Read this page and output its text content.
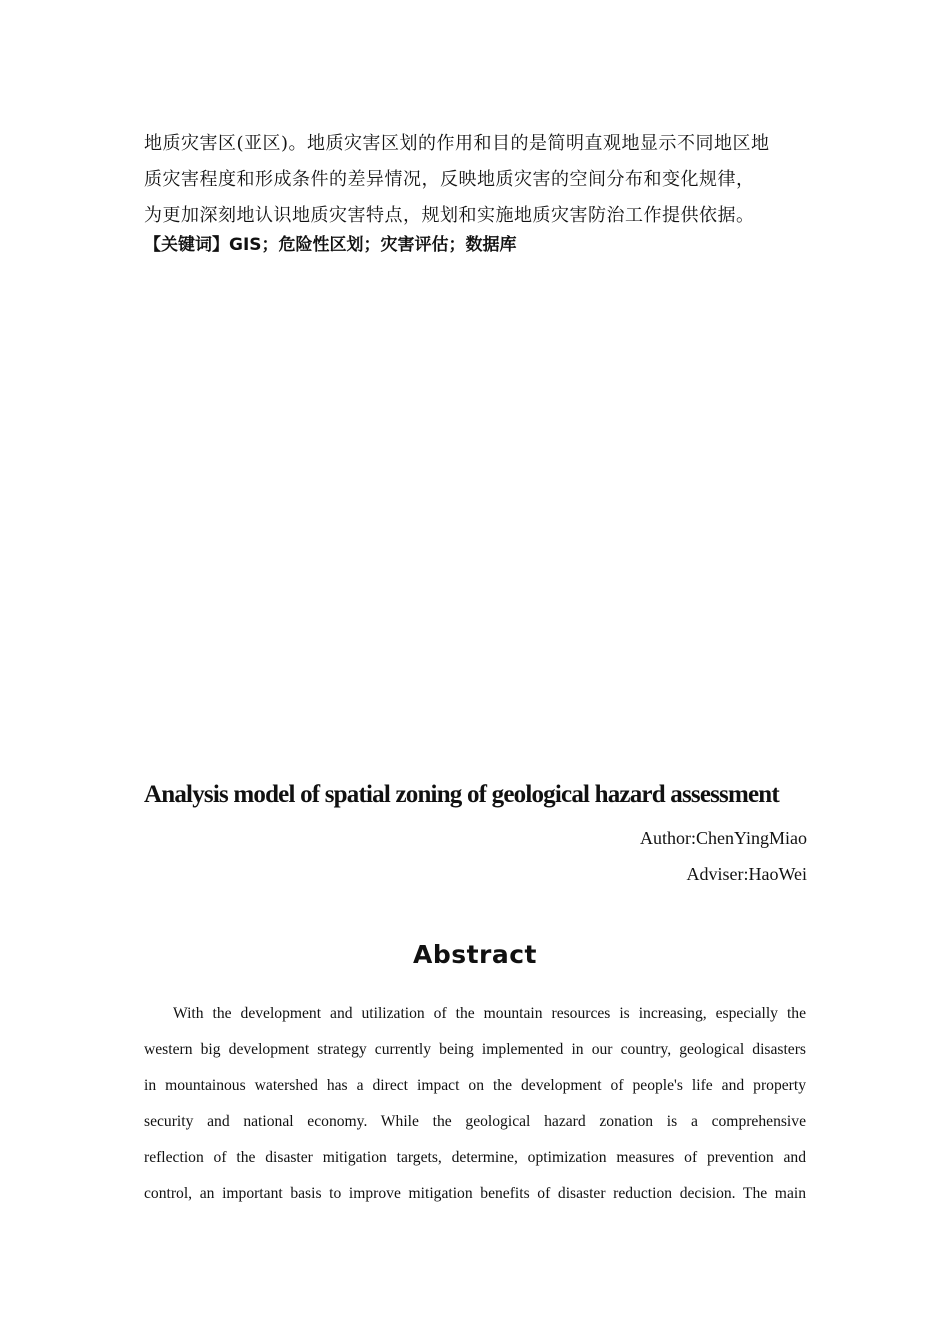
地质灾害区(亚区)。地质灾害区划的作用和目的是简明直观地显示不同地区地
质灾害程度和形成条件的差异情况，反映地质灾害的空间分布和变化规律，
为更加深刻地认识地质灾害特点，规划和实施地质灾害防治工作提供依据。
【关键词】GIS；危险性区划；灾害评估；数据库
Analysis model of spatial zoning of geological hazard assessment
Author:ChenYingMiao
Adviser:HaoWei
Abstract
With the development and utilization of the mountain resources is increasing, especially the
western big development strategy currently being implemented in our country, geological disasters
in mountainous watershed has a direct impact on the development of people's life and property
security and national economy. While the geological hazard zonation is a comprehensive
reflection of the disaster mitigation targets, determine, optimization measures of prevention and
control, an important basis to improve mitigation benefits of disaster reduction decision. The main
